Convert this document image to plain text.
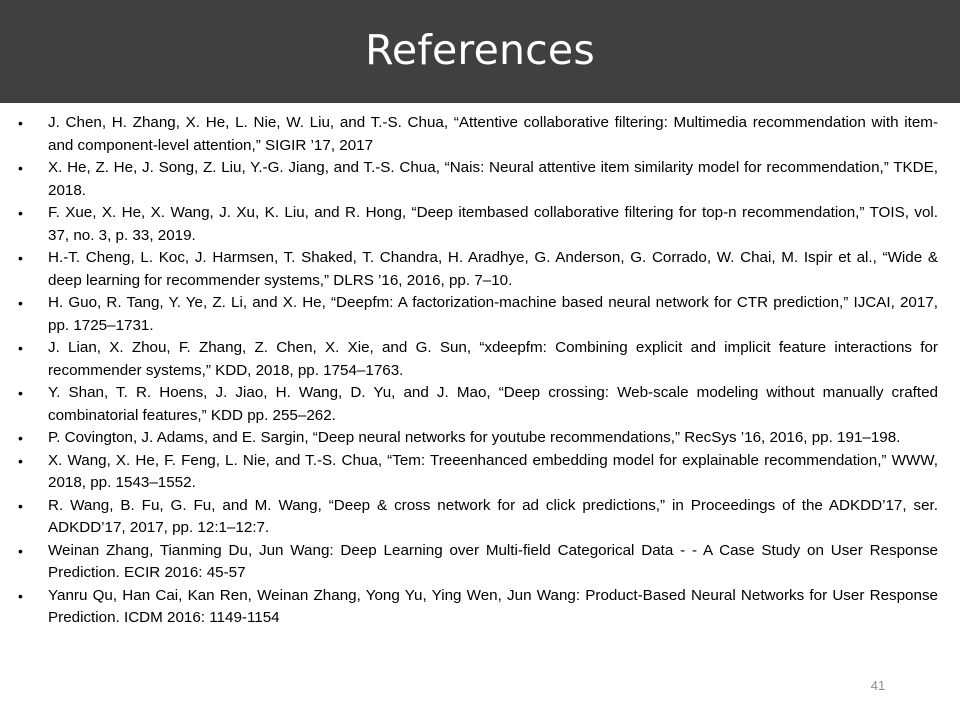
References
• J. Chen, H. Zhang, X. He, L. Nie, W. Liu, and T.-S. Chua, “Attentive collaborative filtering: Multimedia recommendation with item- and component-level attention,” SIGIR ’17, 2017
• X. He, Z. He, J. Song, Z. Liu, Y.-G. Jiang, and T.-S. Chua, “Nais: Neural attentive item similarity model for recommendation,” TKDE, 2018.
• F. Xue, X. He, X. Wang, J. Xu, K. Liu, and R. Hong, “Deep itembased collaborative filtering for top-n recommendation,” TOIS, vol. 37, no. 3, p. 33, 2019.
• H.-T. Cheng, L. Koc, J. Harmsen, T. Shaked, T. Chandra, H. Aradhye, G. Anderson, G. Corrado, W. Chai, M. Ispir et al., “Wide & deep learning for recommender systems,” DLRS ’16, 2016, pp. 7–10.
• H. Guo, R. Tang, Y. Ye, Z. Li, and X. He, “Deepfm: A factorization-machine based neural network for CTR prediction,” IJCAI, 2017, pp. 1725–1731.
• J. Lian, X. Zhou, F. Zhang, Z. Chen, X. Xie, and G. Sun, “xdeepfm: Combining explicit and implicit feature interactions for recommender systems,” KDD, 2018, pp. 1754–1763.
• Y. Shan, T. R. Hoens, J. Jiao, H. Wang, D. Yu, and J. Mao, “Deep crossing: Web-scale modeling without manually crafted combinatorial features,” KDD pp. 255–262.
• P. Covington, J. Adams, and E. Sargin, “Deep neural networks for youtube recommendations,” RecSys ’16, 2016, pp. 191–198.
• X. Wang, X. He, F. Feng, L. Nie, and T.-S. Chua, “Tem: Treeenhanced embedding model for explainable recommendation,” WWW, 2018, pp. 1543–1552.
• R. Wang, B. Fu, G. Fu, and M. Wang, “Deep & cross network for ad click predictions,” in Proceedings of the ADKDD’17, ser. ADKDD’17, 2017, pp. 12:1–12:7.
• Weinan Zhang, Tianming Du, Jun Wang: Deep Learning over Multi-field Categorical Data - - A Case Study on User Response Prediction. ECIR 2016: 45-57
• Yanru Qu, Han Cai, Kan Ren, Weinan Zhang, Yong Yu, Ying Wen, Jun Wang: Product-Based Neural Networks for User Response Prediction. ICDM 2016: 1149-1154
41
